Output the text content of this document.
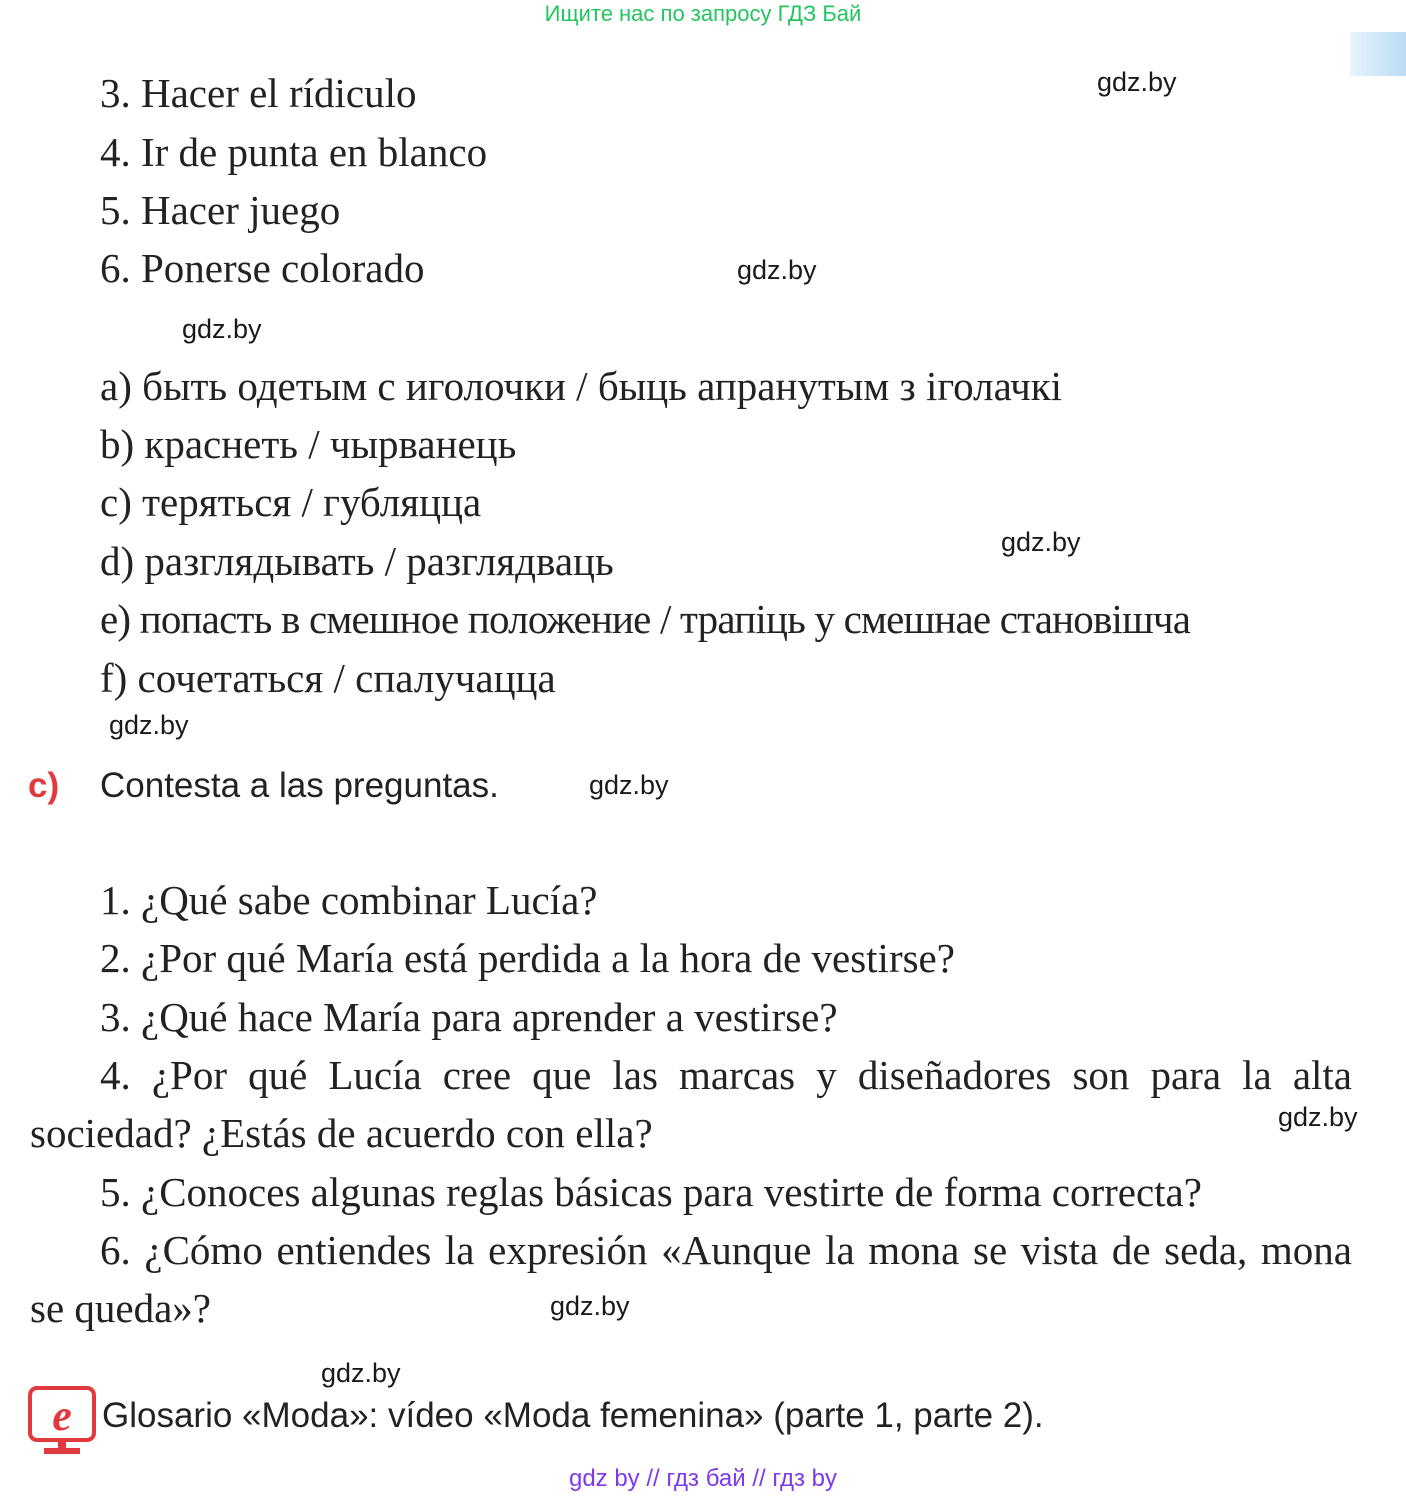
Ищите нас по запросу ГДЗ Бай
3. Hacer el rídiculo
4. Ir de punta en blanco
5. Hacer juego
6. Ponerse colorado
a) быть одетым с иголочки / быць апранутым з іголачкі
b) краснеть / чырванець
c) теряться / губляцца
d) разглядывать / разглядваць
e) попасть в смешное положение / трапіць у смешнае становішча
f) сочетаться / спалучацца
c) Contesta a las preguntas.
1. ¿Qué sabe combinar Lucía?
2. ¿Por qué María está perdida a la hora de vestirse?
3. ¿Qué hace María para aprender a vestirse?
4. ¿Por qué Lucía cree que las marcas y diseñadores son para la alta sociedad? ¿Estás de acuerdo con ella?
5. ¿Conoces algunas reglas básicas para vestirte de forma correcta?
6. ¿Cómo entiendes la expresión «Aunque la mona se vista de seda, mona se queda»?
e Glosario «Moda»: vídeo «Moda femenina» (parte 1, parte 2).
gdz.by
gdz.by
gdz.by
gdz.by
gdz.by
gdz.by
gdz.by
gdz.by
gdz.by
gdz by // гдз бай // гдз by
